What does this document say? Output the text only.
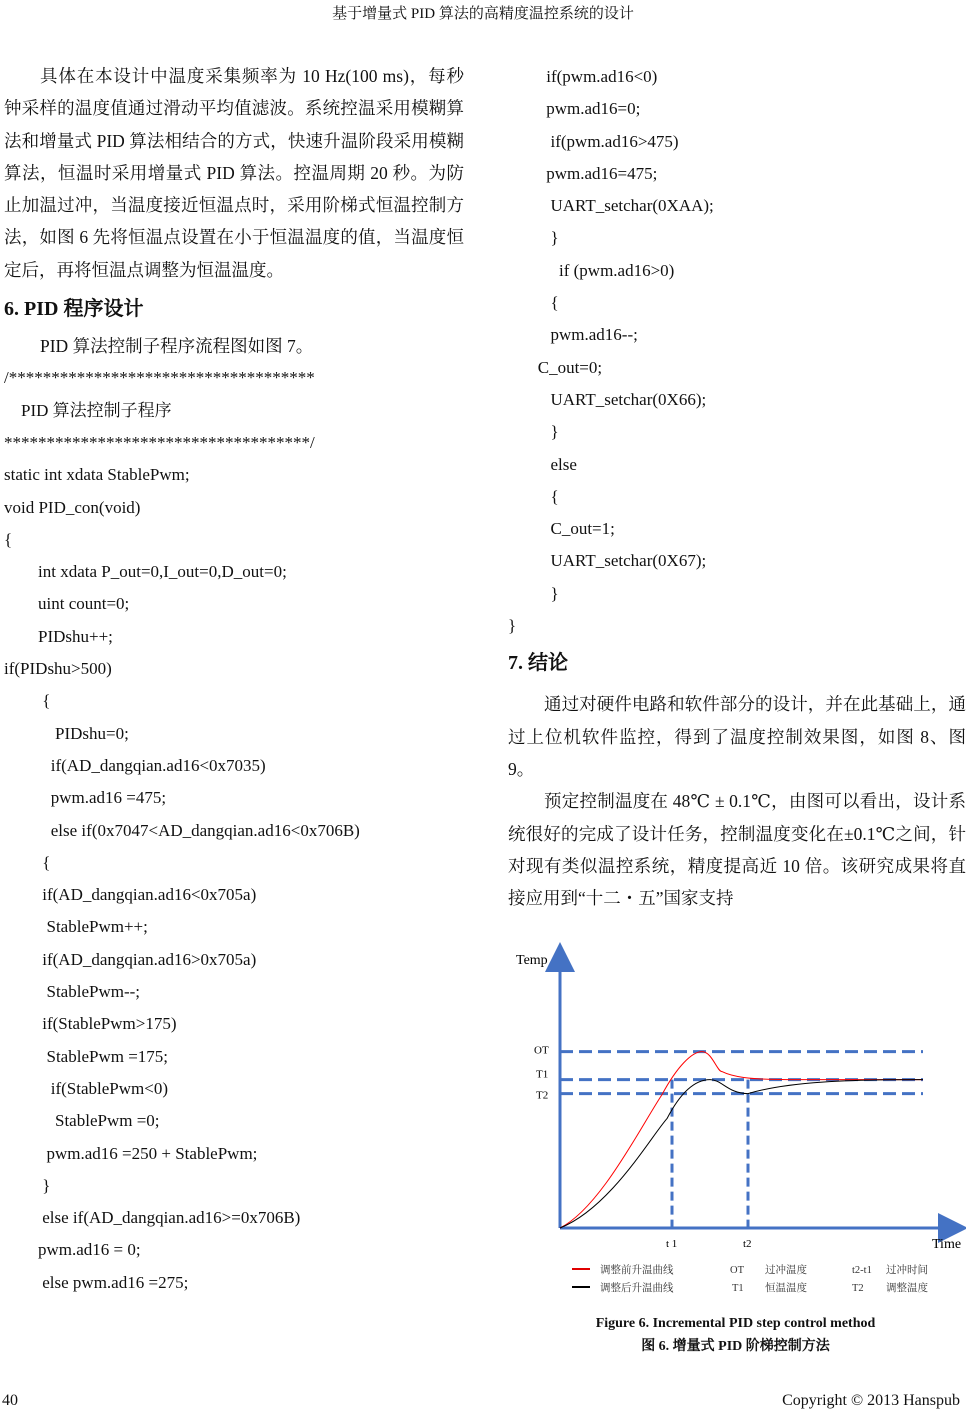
基于增量式 PID 算法的高精度温控系统的设计

具体在本设计中温度采集频率为 10 Hz(100 ms)，每秒钟采样的温度值通过滑动平均值滤波。系统控温采用模糊算法和增量式 PID 算法相结合的方式，快速升温阶段采用模糊算法，恒温时采用增量式 PID 算法。控温周期 20 秒。为防止加温过冲，当温度接近恒温点时，采用阶梯式恒温控制方法，如图 6 先将恒温点设置在小于恒温温度的值，当温度恒定后，再将恒温点调整为恒温温度。

6. PID 程序设计

PID 算法控制子程序流程图如图 7。

/************************************
PID 算法控制子程序
************************************/
static int xdata StablePwm;
void PID_con(void)
{
int xdata P_out=0,I_out=0,D_out=0;
uint count=0;
PIDshu++;
if(PIDshu>500)
{
PIDshu=0;
if(AD_dangqian.ad16<0x7035)
pwm.ad16 =475;
else if(0x7047<AD_dangqian.ad16<0x706B)
{
if(AD_dangqian.ad16<0x705a)
StablePwm++;
if(AD_dangqian.ad16>0x705a)
StablePwm--;
if(StablePwm>175)
StablePwm =175;
if(StablePwm<0)
StablePwm =0;
pwm.ad16 =250 + StablePwm;
}
else if(AD_dangqian.ad16>=0x706B)
pwm.ad16 = 0;
else pwm.ad16 =275;
if(pwm.ad16<0)
pwm.ad16=0;
if(pwm.ad16>475)
pwm.ad16=475;
UART_setchar(0XAA);
}
if (pwm.ad16>0)
{
pwm.ad16--;
C_out=0;
UART_setchar(0X66);
}
else
{
C_out=1;
UART_setchar(0X67);
}
}
7. 结论

通过对硬件电路和软件部分的设计，并在此基础上，通过上位机软件监控，得到了温度控制效果图，如图 8、图 9。

预定控制温度在 48℃ ± 0.1℃，由图可以看出，设计系统很好的完成了设计任务，控制温度变化在±0.1℃之间，针对现有类似温控系统，精度提高近 10 倍。该研究成果将直接应用到“十二・五”国家支持

Temp
Time
OT
T1
T2
t 1	t2
调整前升温曲线
调整后升温曲线
OT 过冲温度
T1 恒温温度
t2-t1 过冲时间
T2 调整温度
Figure 6. Incremental PID step control method
图 6. 增量式 PID 阶梯控制方法
40	Copyright © 2013 Hanspub
